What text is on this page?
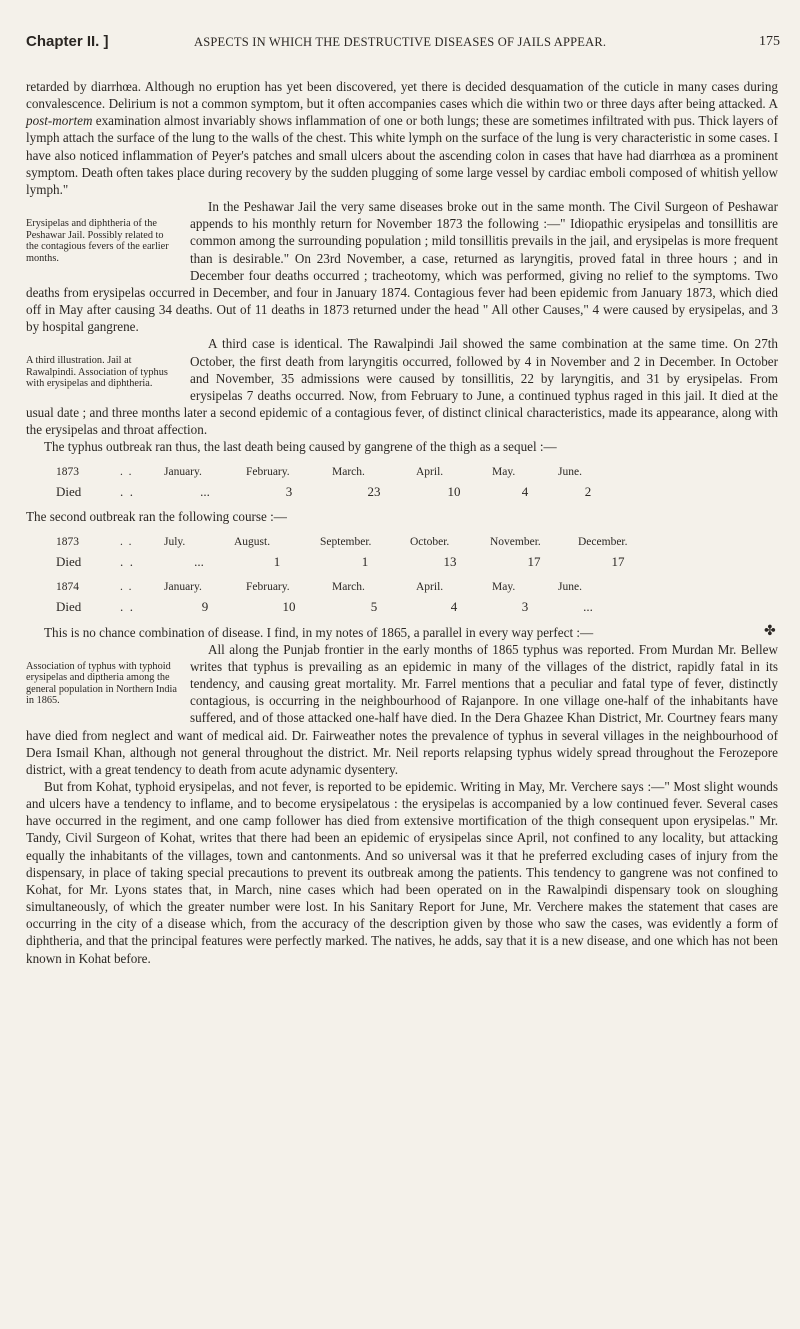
Chapter II. ]	ASPECTS IN WHICH THE DESTRUCTIVE DISEASES OF JAILS APPEAR.	175

retarded by diarrhœa. Although no eruption has yet been discovered, yet there is decided desquamation of the cuticle in many cases during convalescence. Delirium is not a common symptom, but it often accompanies cases which die within two or three days after being attacked. A post-mortem examination almost invariably shows inflammation of one or both lungs; these are sometimes infiltrated with pus. Thick layers of lymph attach the surface of the lung to the walls of the chest. This white lymph on the surface of the lung is very characteristic in some cases. I have also noticed inflammation of Peyer's patches and small ulcers about the ascending colon in cases that have had diarrhœa as a prominent symptom. Death often takes place during recovery by the sudden plugging of some large vessel by cardiac emboli composed of whitish yellow lymph."

Erysipelas and diphtheria of the Peshawar Jail. Possibly related to the contagious fevers of the earlier months.
In the Peshawar Jail the very same diseases broke out in the same month. The Civil Surgeon of Peshawar appends to his monthly return for November 1873 the following :—" Idiopathic erysipelas and tonsillitis are common among the surrounding population ; mild tonsillitis prevails in the jail, and erysipelas is more frequent than is desirable." On 23rd November, a case, returned as laryngitis, proved fatal in three hours ; and in December four deaths occurred ; tracheotomy, which was performed, giving no relief to the symptoms. Two deaths from erysipelas occurred in December, and four in January 1874. Contagious fever had been epidemic from January 1873, which died off in May after causing 34 deaths. Out of 11 deaths in 1873 returned under the head " All other Causes," 4 were caused by erysipelas, and 3 by hospital gangrene.

A third illustration. Jail at Rawalpindi. Association of typhus with erysipelas and diphtheria.
A third case is identical. The Rawalpindi Jail showed the same combination at the same time. On 27th October, the first death from laryngitis occurred, followed by 4 in November and 2 in December. In October and November, 35 admissions were caused by tonsillitis, 22 by laryngitis, and 31 by erysipelas. From erysipelas 7 deaths occurred. Now, from February to June, a continued typhus raged in this jail. It died at the usual date ; and three months later a second epidemic of a contagious fever, of distinct clinical characteristics, made its appearance, along with the erysipelas and throat affection.

The typhus outbreak ran thus, the last death being caused by gangrene of the thigh as a sequel :—

1873	.  .	January.	February.	March.	April.	May.	June.
Died	.  .	...	3	23	10	4	2

The second outbreak ran the following course :—

1873	.  .	July.	August.	September.	October.	November.	December.
Died	.  .	...	1	1	13	17	17
1874	.  .	January.	February.	March.	April.	May.	June.
Died	.  .	9	10	5	4	3	...

✤
This is no chance combination of disease. I find, in my notes of 1865, a parallel in every way perfect :—

Association of typhus with typhoid erysipelas and diptheria among the general population in Northern India in 1865.
All along the Punjab frontier in the early months of 1865 typhus was reported. From Murdan Mr. Bellew writes that typhus is prevailing as an epidemic in many of the villages of the district, rapidly fatal in its tendency, and causing great mortality. Mr. Farrel mentions that a peculiar and fatal type of fever, distinctly contagious, is occurring in the neighbourhood of Rajanpore. In one village one-half of the inhabitants have suffered, and of those attacked one-half have died. In the Dera Ghazee Khan District, Mr. Courtney fears many have died from neglect and want of medical aid. Dr. Fairweather notes the prevalence of typhus in several villages in the neighbourhood of Dera Ismail Khan, although not general throughout the district. Mr. Neil reports relapsing typhus widely spread throughout the Ferozepore district, with a great tendency to death from acute adynamic dysentery.

But from Kohat, typhoid erysipelas, and not fever, is reported to be epidemic. Writing in May, Mr. Verchere says :—" Most slight wounds and ulcers have a tendency to inflame, and to become erysipelatous : the erysipelas is accompanied by a low continued fever. Several cases have occurred in the regiment, and one camp follower has died from extensive mortification of the thigh consequent upon erysipelas." Mr. Tandy, Civil Surgeon of Kohat, writes that there had been an epidemic of erysipelas since April, not confined to any locality, but attacking equally the inhabitants of the villages, town and cantonments. And so universal was it that he preferred excluding cases of injury from the dispensary, in place of taking special precautions to prevent its outbreak among the patients. This tendency to gangrene was not confined to Kohat, for Mr. Lyons states that, in March, nine cases which had been operated on in the Rawalpindi dispensary took on sloughing simultaneously, of which the greater number were lost. In his Sanitary Report for June, Mr. Verchere makes the statement that cases are occurring in the city of a disease which, from the accuracy of the description given by those who saw the cases, was evidently a form of diphtheria, and that the principal features were perfectly marked. The natives, he adds, say that it is a new disease, and one which has not been known in Kohat before.
